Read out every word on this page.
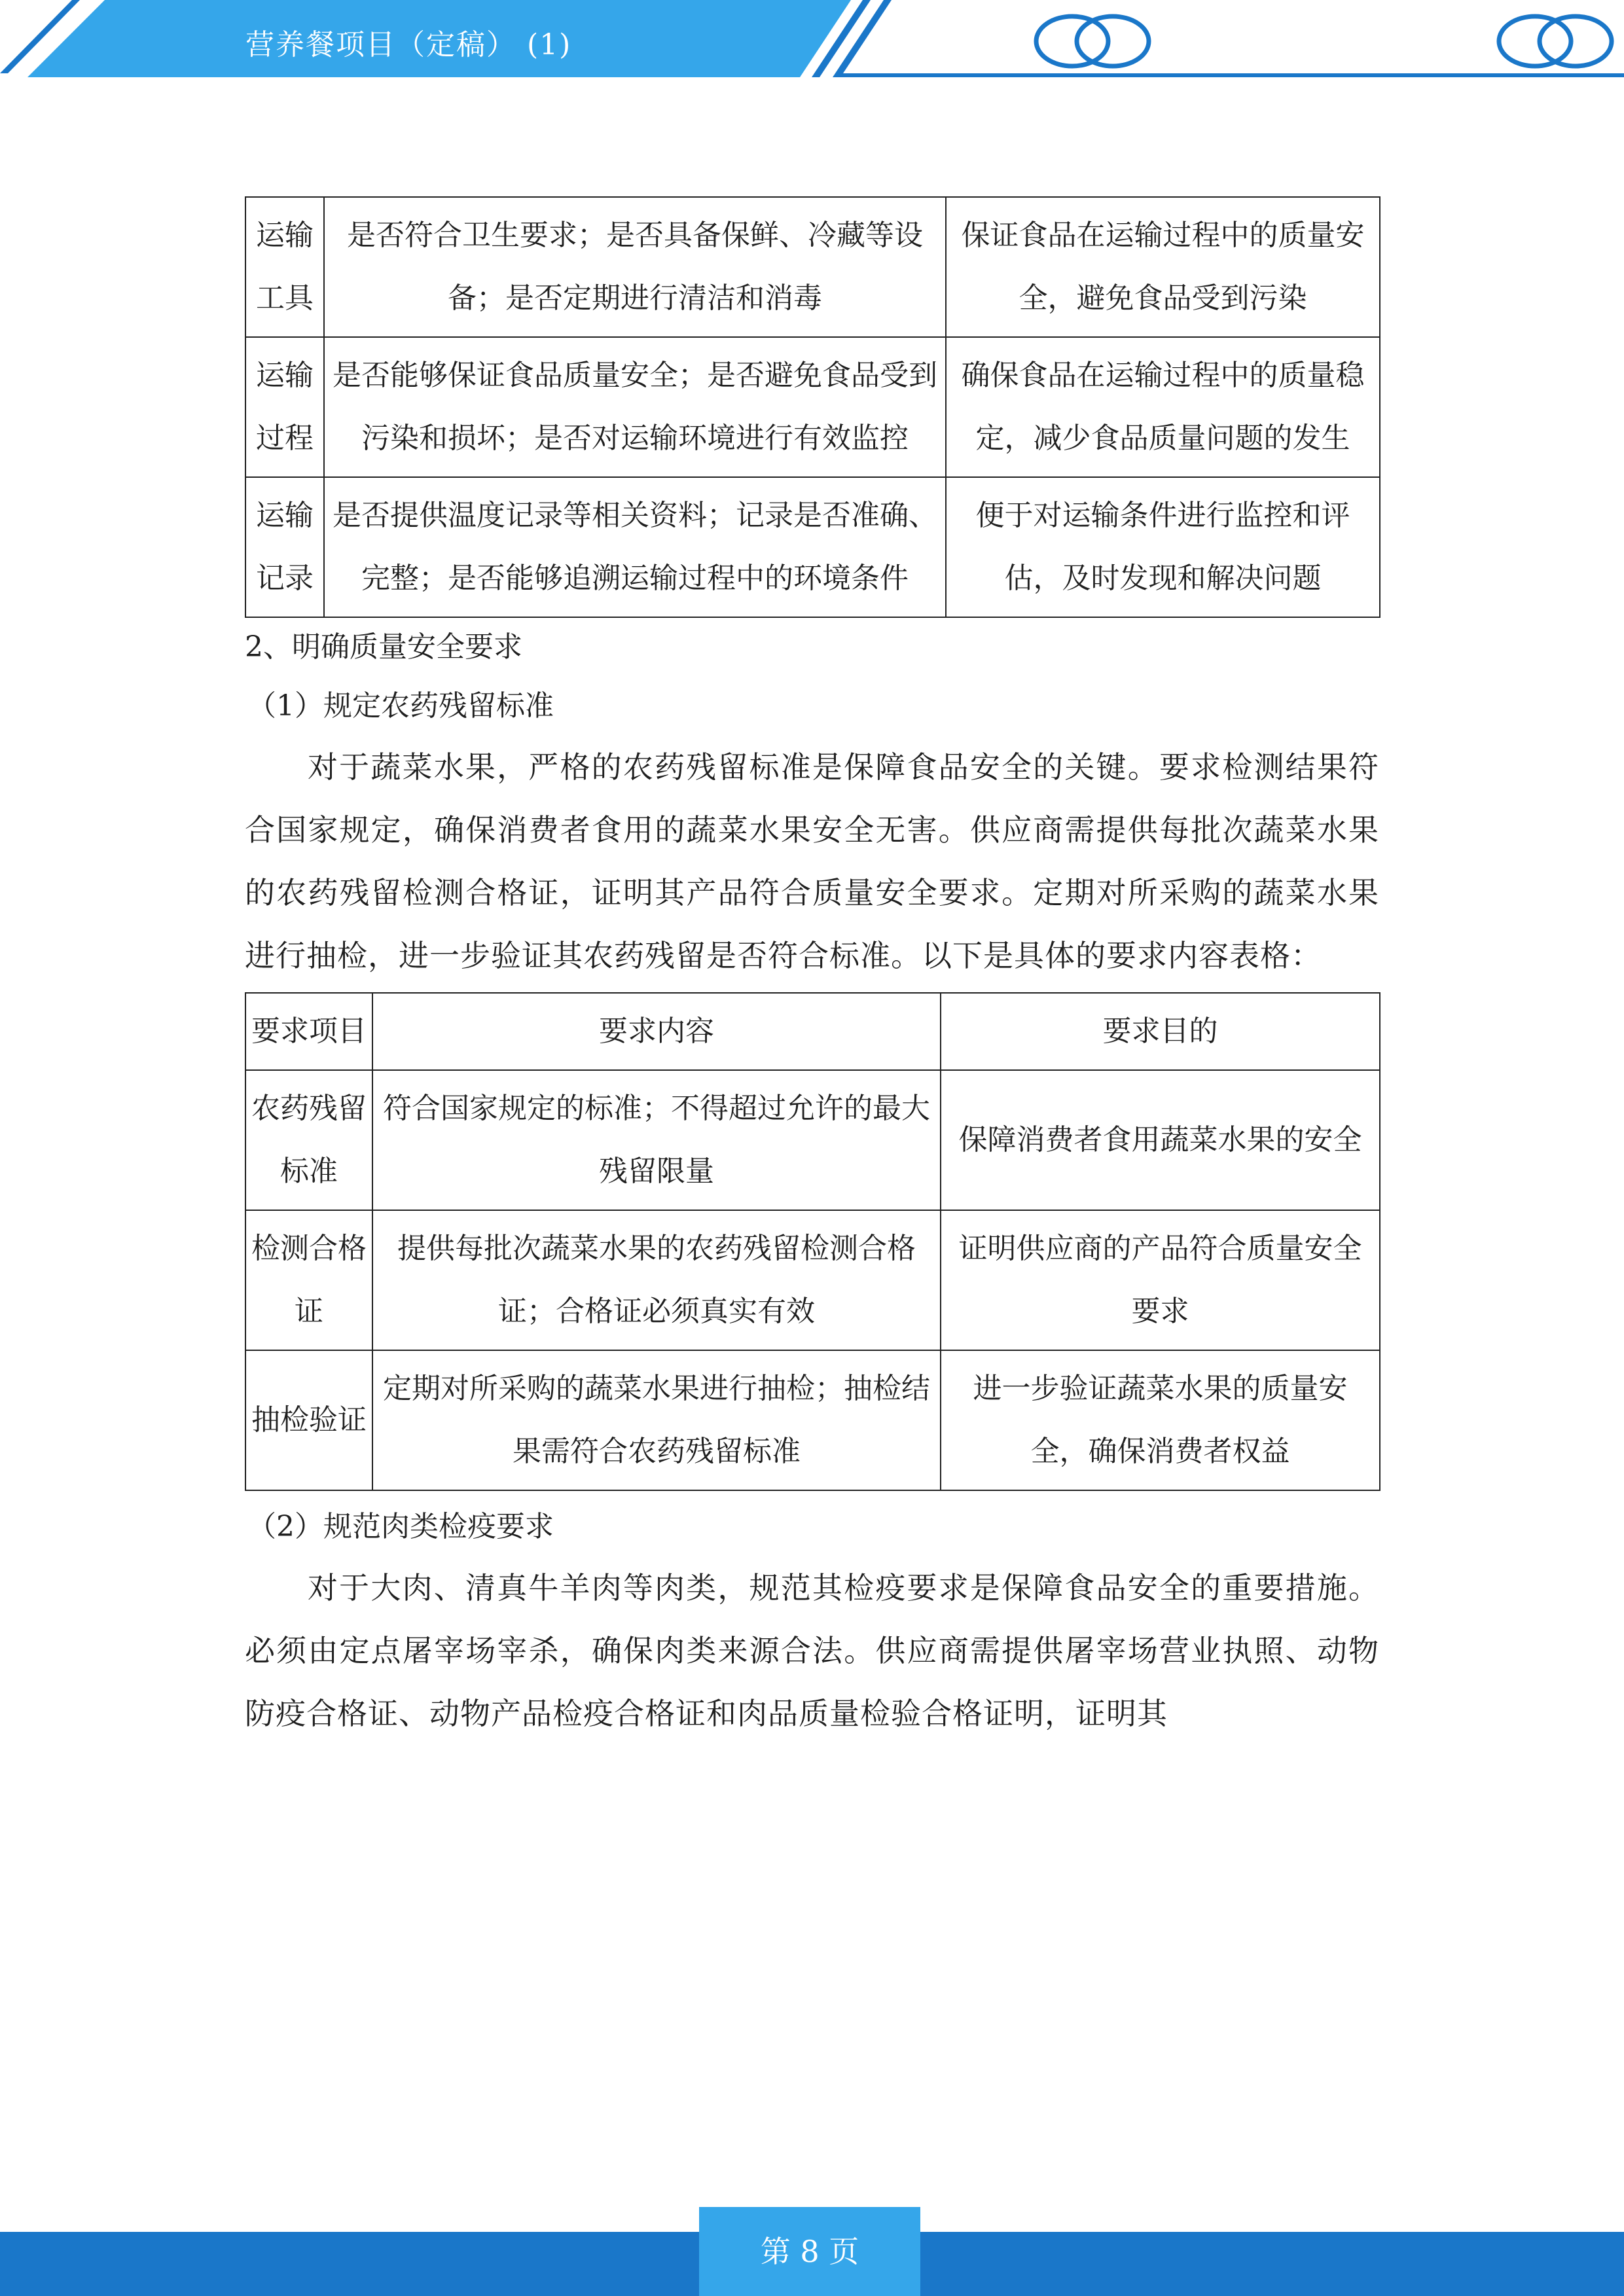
营养餐项目（定稿） (1)
运输工具	是否符合卫生要求；是否具备保鲜、冷藏等设备；是否定期进行清洁和消毒	保证食品在运输过程中的质量安全，避免食品受到污染
运输过程	是否能够保证食品质量安全；是否避免食品受到污染和损坏；是否对运输环境进行有效监控	确保食品在运输过程中的质量稳定，减少食品质量问题的发生
运输记录	是否提供温度记录等相关资料；记录是否准确、完整；是否能够追溯运输过程中的环境条件	便于对运输条件进行监控和评估，及时发现和解决问题

2、明确质量安全要求

（1）规定农药残留标准

对于蔬菜水果，严格的农药残留标准是保障食品安全的关键。要求检测结果符合国家规定，确保消费者食用的蔬菜水果安全无害。供应商需提供每批次蔬菜水果的农药残留检测合格证，证明其产品符合质量安全要求。定期对所采购的蔬菜水果进行抽检，进一步验证其农药残留是否符合标准。以下是具体的要求内容表格：

要求项目	要求内容	要求目的
农药残留标准	符合国家规定的标准；不得超过允许的最大残留限量	保障消费者食用蔬菜水果的安全
检测合格证	提供每批次蔬菜水果的农药残留检测合格证；合格证必须真实有效	证明供应商的产品符合质量安全要求
抽检验证	定期对所采购的蔬菜水果进行抽检；抽检结果需符合农药残留标准	进一步验证蔬菜水果的质量安全，确保消费者权益

（2）规范肉类检疫要求

对于大肉、清真牛羊肉等肉类，规范其检疫要求是保障食品安全的重要措施。必须由定点屠宰场宰杀，确保肉类来源合法。供应商需提供屠宰场营业执照、动物防疫合格证、动物产品检疫合格证和肉品质量检验合格证明，证明其

第 8 页
